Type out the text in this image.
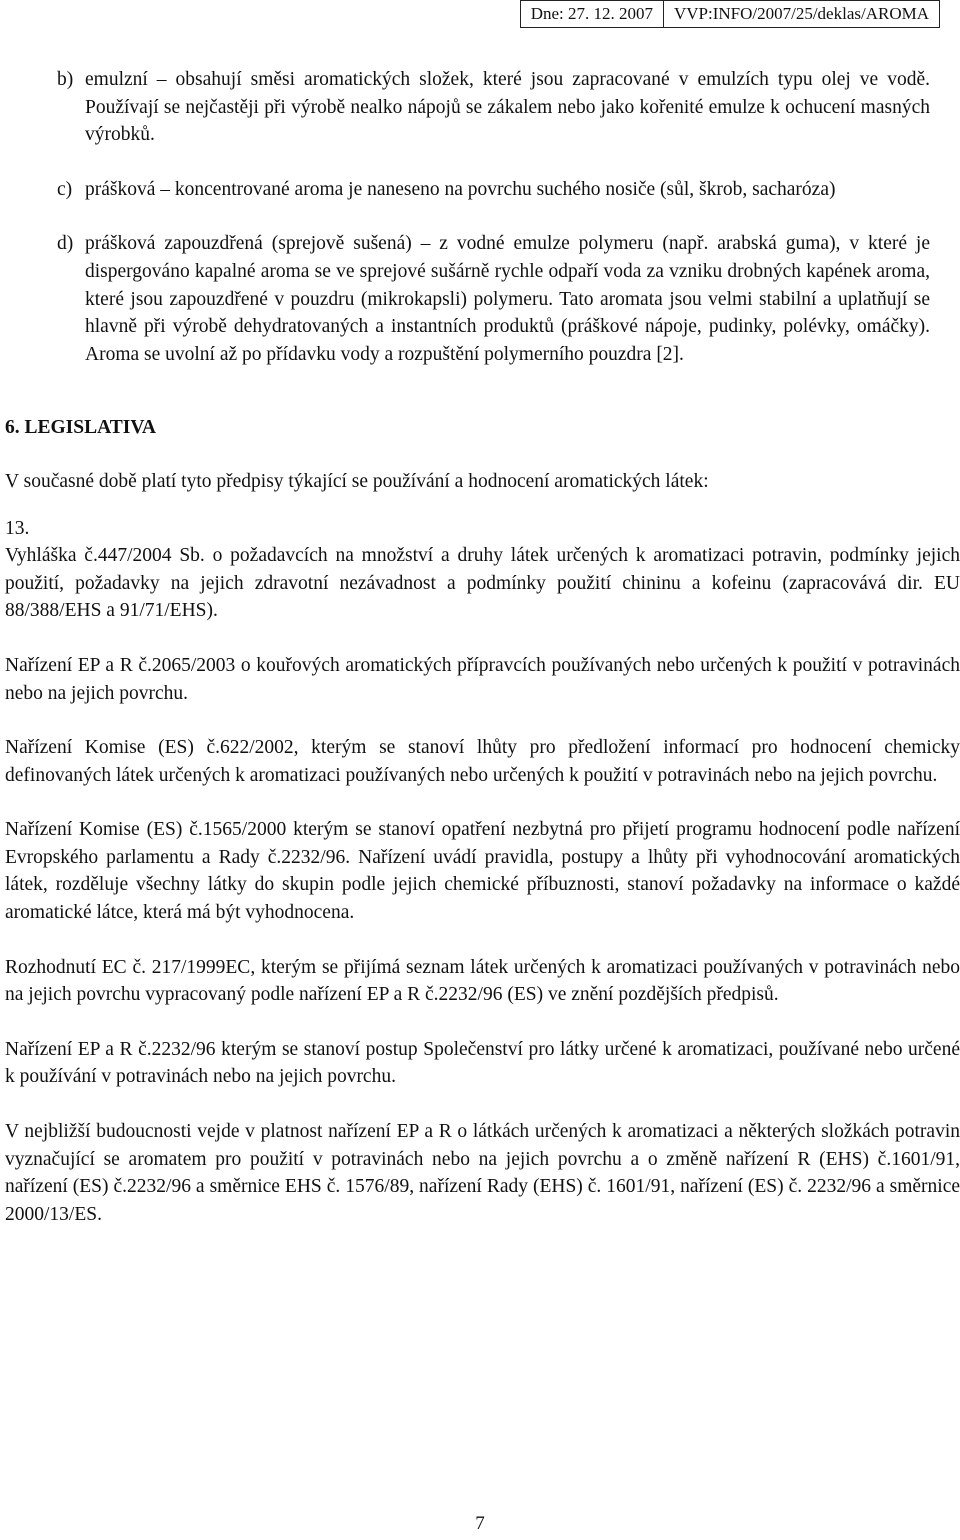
Dne: 27. 12. 2007	VVP:INFO/2007/25/deklas/AROMA
b) emulzní – obsahují směsi aromatických složek, které jsou zapracované v emulzích typu olej ve vodě. Používají se nejčastěji při výrobě nealko nápojů se zákalem nebo jako kořenité emulze k ochucení masných výrobků.
c) prášková – koncentrované aroma je naneseno na povrchu suchého nosiče (sůl, škrob, sacharóza)
d) prášková zapouzdřená (sprejově sušená) – z vodné emulze polymeru (např. arabská guma), v které je dispergováno kapalné aroma se ve sprejové sušárně rychle odpaří voda za vzniku drobných kapének aroma, které jsou zapouzdřené v pouzdru (mikrokapsli) polymeru. Tato aromata jsou velmi stabilní a uplatňují se hlavně při výrobě dehydratovaných a instantních produktů (práškové nápoje, pudinky, polévky, omáčky). Aroma se uvolní až po přídavku vody a rozpuštění polymerního pouzdra [2].

6. LEGISLATIVA

V současné době platí tyto předpisy týkající se používání a hodnocení aromatických látek:

13.

Vyhláška č.447/2004 Sb. o požadavcích na množství a druhy látek určených k aromatizaci potravin, podmínky jejich použití, požadavky na jejich zdravotní nezávadnost a podmínky použití chininu a kofeinu (zapracovává dir. EU 88/388/EHS a 91/71/EHS).

Nařízení EP a R č.2065/2003 o kouřových aromatických přípravcích používaných nebo určených k použití v potravinách nebo na jejich povrchu.

Nařízení Komise (ES) č.622/2002, kterým se stanoví lhůty pro předložení informací pro hodnocení chemicky definovaných látek určených k aromatizaci používaných nebo určených k použití v potravinách nebo na jejich povrchu.

Nařízení Komise (ES) č.1565/2000 kterým se stanoví opatření nezbytná pro přijetí programu hodnocení podle nařízení Evropského parlamentu a Rady č.2232/96. Nařízení uvádí pravidla, postupy a lhůty při vyhodnocování aromatických látek, rozděluje všechny látky do skupin podle jejich chemické příbuznosti, stanoví požadavky na informace o každé aromatické látce, která má být vyhodnocena.

Rozhodnutí EC č. 217/1999EC, kterým se přijímá seznam látek určených k aromatizaci používaných v potravinách nebo na jejich povrchu vypracovaný podle nařízení EP a R č.2232/96 (ES) ve znění pozdějších předpisů.

Nařízení EP a R č.2232/96 kterým se stanoví postup Společenství pro látky určené k aromatizaci, používané nebo určené k používání v potravinách nebo na jejich povrchu.

V nejbližší budoucnosti vejde v platnost nařízení EP a R o látkách určených k aromatizaci a některých složkách potravin vyznačující se aromatem pro použití v potravinách nebo na jejich povrchu a o změně nařízení R (EHS) č.1601/91, nařízení (ES) č.2232/96 a směrnice EHS č. 1576/89, nařízení Rady (EHS) č. 1601/91, nařízení (ES) č. 2232/96 a směrnice 2000/13/ES.

7
